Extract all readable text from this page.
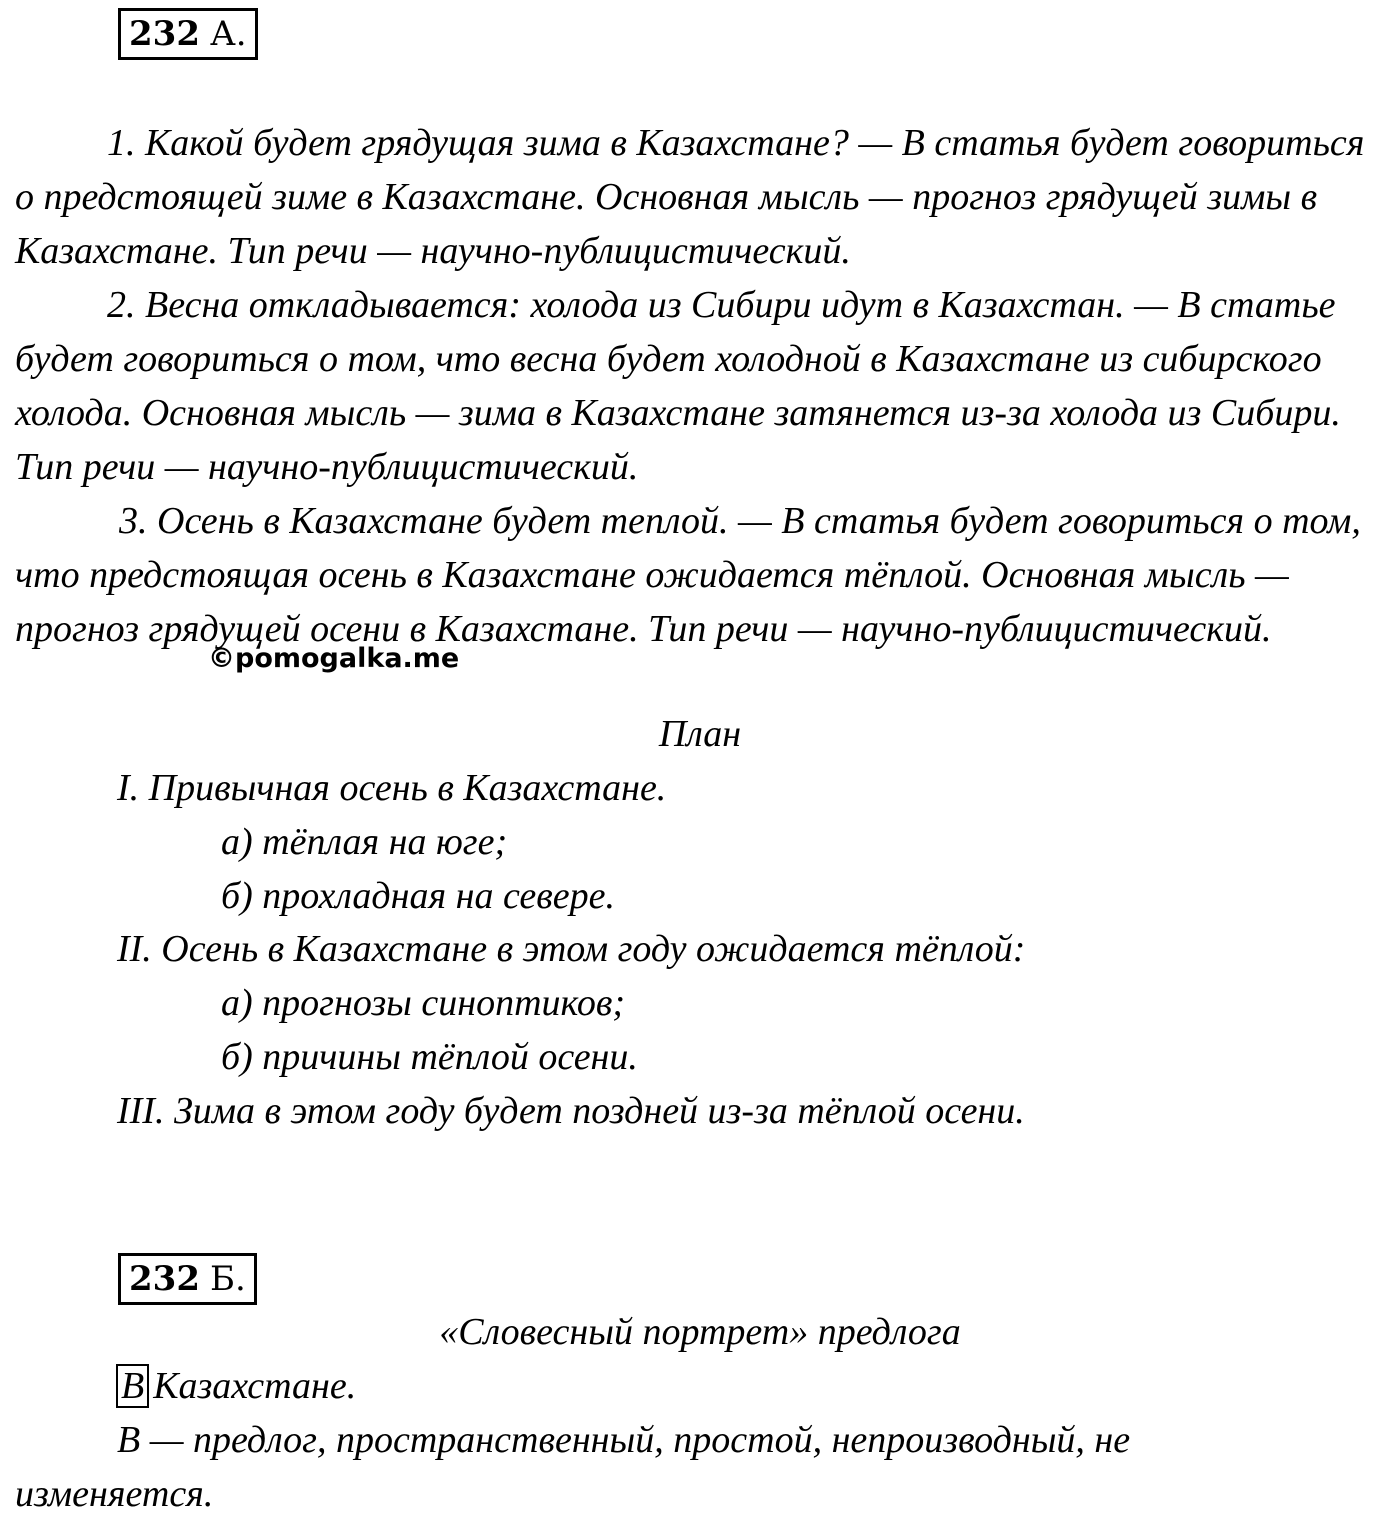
232 А.

1. Какой будет грядущая зима в Казахстане? — В статья будет говориться о предстоящей зиме в Казахстане. Основная мысль — прогноз грядущей зимы в Казахстане. Тип речи — научно-публицистический.

2. Весна откладывается: холода из Сибири идут в Казахстан. — В статье будет говориться о том, что весна будет холодной в Казахстане из сибирского холода. Основная мысль — зима в Казахстане затянется из-за холода из Сибири. Тип речи — научно-публицистический.

3. Осень в Казахстане будет теплой. — В статья будет говориться о том, что предстоящая осень в Казахстане ожидается тёплой. Основная мысль — прогноз грядущей осени в Казахстане. Тип речи — научно-публицистический.

©pomogalka.me
План
I. Привычная осень в Казахстане.
а) тёплая на юге;
б) прохладная на севере.
II. Осень в Казахстане в этом году ожидается тёплой:
а) прогнозы синоптиков;
б) причины тёплой осени.
III. Зима в этом году будет поздней из-за тёплой осени.
232 Б.
«Словесный портрет» предлога
В Казахстане.
В — предлог, пространственный, простой, непроизводный, не
изменяется.
